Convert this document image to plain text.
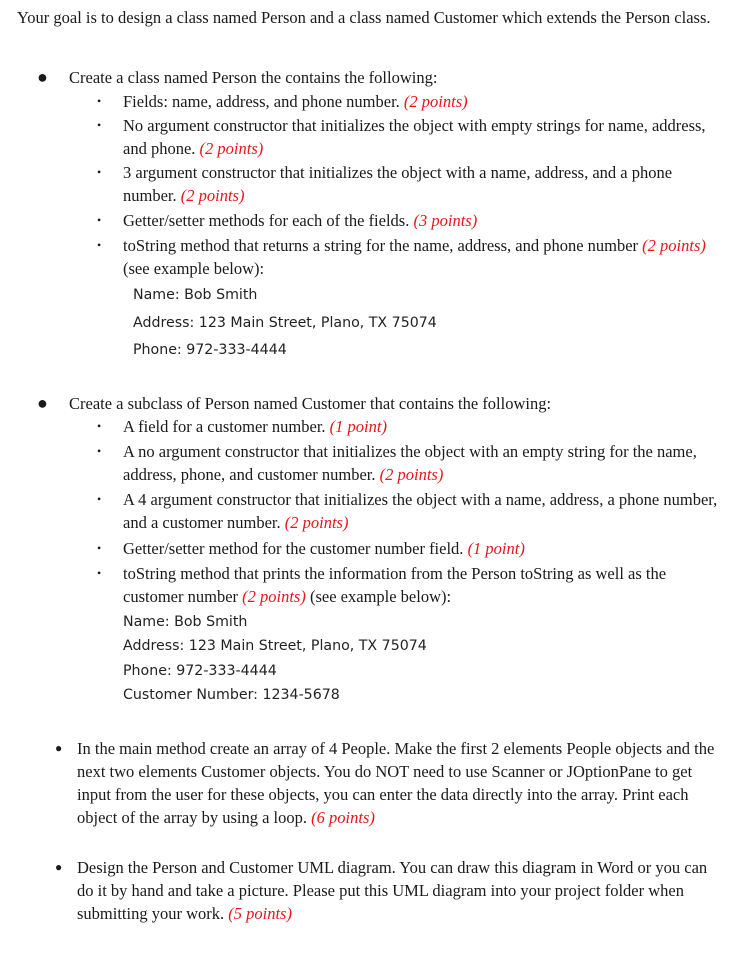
Your goal is to design a class named Person and a class named Customer which extends the Person class.
● Create a class named Person the contains the following:
• Fields: name, address, and phone number. (2 points)
• No argument constructor that initializes the object with empty strings for name, address, and phone. (2 points)
• 3 argument constructor that initializes the object with a name, address, and a phone number. (2 points)
• Getter/setter methods for each of the fields. (3 points)
• toString method that returns a string for the name, address, and phone number (2 points) (see example below):
Name: Bob Smith
Address: 123 Main Street, Plano, TX 75074
Phone: 972-333-4444
● Create a subclass of Person named Customer that contains the following:
• A field for a customer number. (1 point)
• A no argument constructor that initializes the object with an empty string for the name, address, phone, and customer number. (2 points)
• A 4 argument constructor that initializes the object with a name, address, a phone number, and a customer number. (2 points)
• Getter/setter method for the customer number field. (1 point)
• toString method that prints the information from the Person toString as well as the customer number (2 points) (see example below):
Name: Bob Smith
Address: 123 Main Street, Plano, TX 75074
Phone: 972-333-4444
Customer Number: 1234-5678
● In the main method create an array of 4 People. Make the first 2 elements People objects and the next two elements Customer objects. You do NOT need to use Scanner or JOptionPane to get input from the user for these objects, you can enter the data directly into the array. Print each object of the array by using a loop. (6 points)
● Design the Person and Customer UML diagram. You can draw this diagram in Word or you can do it by hand and take a picture. Please put this UML diagram into your project folder when submitting your work. (5 points)
